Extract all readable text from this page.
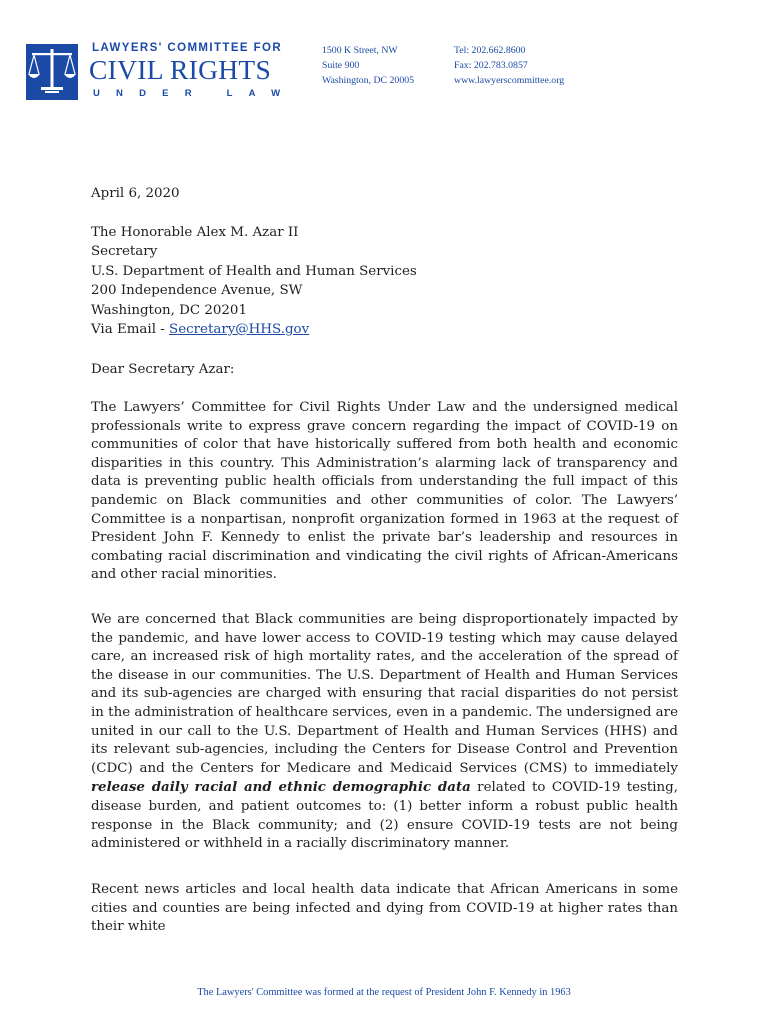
LAWYERS' COMMITTEE FOR
CIVIL RIGHTS
UNDER LAW
1500 K Street, NW
Suite 900
Washington, DC 20005
Tel: 202.662.8600
Fax: 202.783.0857
www.lawyerscommittee.org
April 6, 2020
The Honorable Alex M. Azar II
Secretary
U.S. Department of Health and Human Services
200 Independence Avenue, SW
Washington, DC 20201
Via Email - Secretary@HHS.gov
Dear Secretary Azar:
The Lawyers’ Committee for Civil Rights Under Law and the undersigned medical professionals write to express grave concern regarding the impact of COVID-19 on communities of color that have historically suffered from both health and economic disparities in this country. This Administration’s alarming lack of transparency and data is preventing public health officials from understanding the full impact of this pandemic on Black communities and other communities of color. The Lawyers’ Committee is a nonpartisan, nonprofit organization formed in 1963 at the request of President John F. Kennedy to enlist the private bar’s leadership and resources in combating racial discrimination and vindicating the civil rights of African-Americans and other racial minorities.
We are concerned that Black communities are being disproportionately impacted by the pandemic, and have lower access to COVID-19 testing which may cause delayed care, an increased risk of high mortality rates, and the acceleration of the spread of the disease in our communities. The U.S. Department of Health and Human Services and its sub-agencies are charged with ensuring that racial disparities do not persist in the administration of healthcare services, even in a pandemic. The undersigned are united in our call to the U.S. Department of Health and Human Services (HHS) and its relevant sub-agencies, including the Centers for Disease Control and Prevention (CDC) and the Centers for Medicare and Medicaid Services (CMS) to immediately release daily racial and ethnic demographic data related to COVID-19 testing, disease burden, and patient outcomes to: (1) better inform a robust public health response in the Black community; and (2) ensure COVID-19 tests are not being administered or withheld in a racially discriminatory manner.
Recent news articles and local health data indicate that African Americans in some cities and counties are being infected and dying from COVID-19 at higher rates than their white
The Lawyers' Committee was formed at the request of President John F. Kennedy in 1963
